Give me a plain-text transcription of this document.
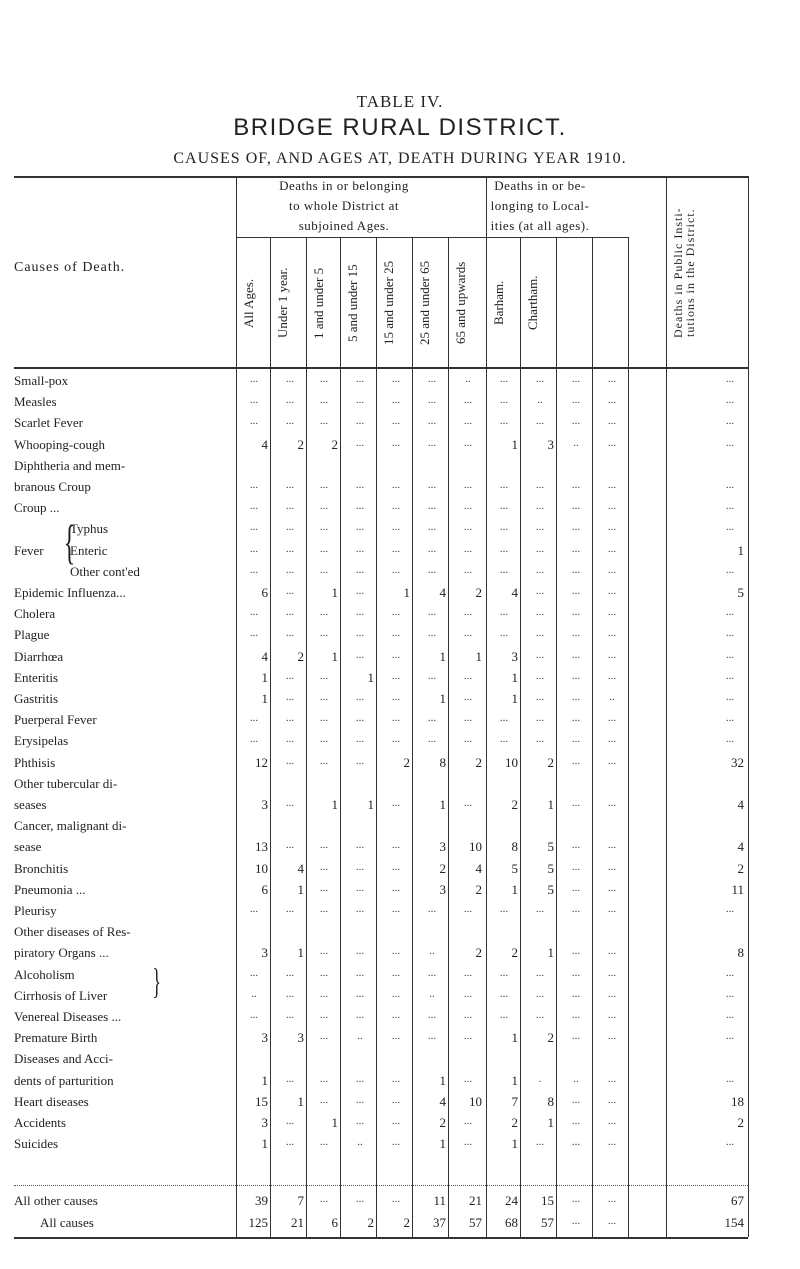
TABLE IV.
BRIDGE RURAL DISTRICT.
CAUSES OF, AND AGES AT, DEATH DURING YEAR 1910.
Deaths in or belonging
to whole District at
subjoined Ages.
Deaths in or be-
longing to Local-
ities (at all ages).
Causes of Death.
All Ages.	Under 1 year.	1 and under 5	5 and under 15	15 and under 25	25 and under 65	65 and upwards	Barham.	Chartham.	Deaths in Public Insti-
tutions in the District.
Small-pox	...	...	...	...	...	...	..	...	...	...	...	...
Measles	...	...	...	...	...	...	...	...	..	...	...	...
Scarlet Fever	...	...	...	...	...	...	...	...	...	...	...	...
Whooping-cough	4	2	2	...	...	...	...	1	3	..	...	...
Diphtheria and mem-
branous Croup	...	...	...	...	...	...	...	...	...	...	...	...
Croup ...	...	...	...	...	...	...	...	...	...	...	...	...
Typhus	...	...	...	...	...	...	...	...	...	...	...	...
Enteric	...	...	...	...	...	...	...	...	...	...	...	1
Other cont'ed	...	...	...	...	...	...	...	...	...	...	...	...
Epidemic Influenza...	6	...	1	...	1	4	2	4	...	...	...	5
Cholera	...	...	...	...	...	...	...	...	...	...	...	...
Plague	...	...	...	...	...	...	...	...	...	...	...	...
Diarrhœa	4	2	1	...	...	1	1	3	...	...	...	...
Enteritis	1	...	...	1	...	...	...	1	...	...	...	...
Gastritis	1	...	...	...	...	1	...	1	...	...	..	...
Puerperal Fever	...	...	...	...	...	...	...	...	...	...	...	...
Erysipelas	...	...	...	...	...	...	...	...	...	...	...	...
Phthisis	12	...	...	...	2	8	2	10	2	...	...	32
Other tubercular di-
seases	3	...	1	1	...	1	...	2	1	...	...	4
Cancer, malignant di-
sease	13	...	...	...	...	3	10	8	5	...	...	4
Bronchitis	10	4	...	...	...	2	4	5	5	...	...	2
Pneumonia ...	6	1	...	...	...	3	2	1	5	...	...	11
Pleurisy	...	...	...	...	...	...	...	...	...	...	...	...
Other diseases of Res-
piratory Organs ...	3	1	...	...	...	..	2	2	1	...	...	8
Alcoholism	...	...	...	...	...	...	...	...	...	...	...	...
Cirrhosis of Liver	..	...	...	...	...	..	...	...	...	...	...	...
Venereal Diseases ...	...	...	...	...	...	...	...	...	...	...	...	...
Premature Birth	3	3	...	..	...	...	...	1	2	...	...	...
Diseases and Acci-
dents of parturition	1	...	...	...	...	1	...	1	.	..	...	...
Heart diseases	15	1	...	...	...	4	10	7	8	...	...	18
Accidents	3	...	1	...	...	2	...	2	1	...	...	2
Suicides	1	...	...	..	...	1	...	1	...	...	...	...
All other causes	39	7	...	...	...	11	21	24	15	...	...	67
All causes	125	21	6	2	2	37	57	68	57	...	...	154
Fever {
}
